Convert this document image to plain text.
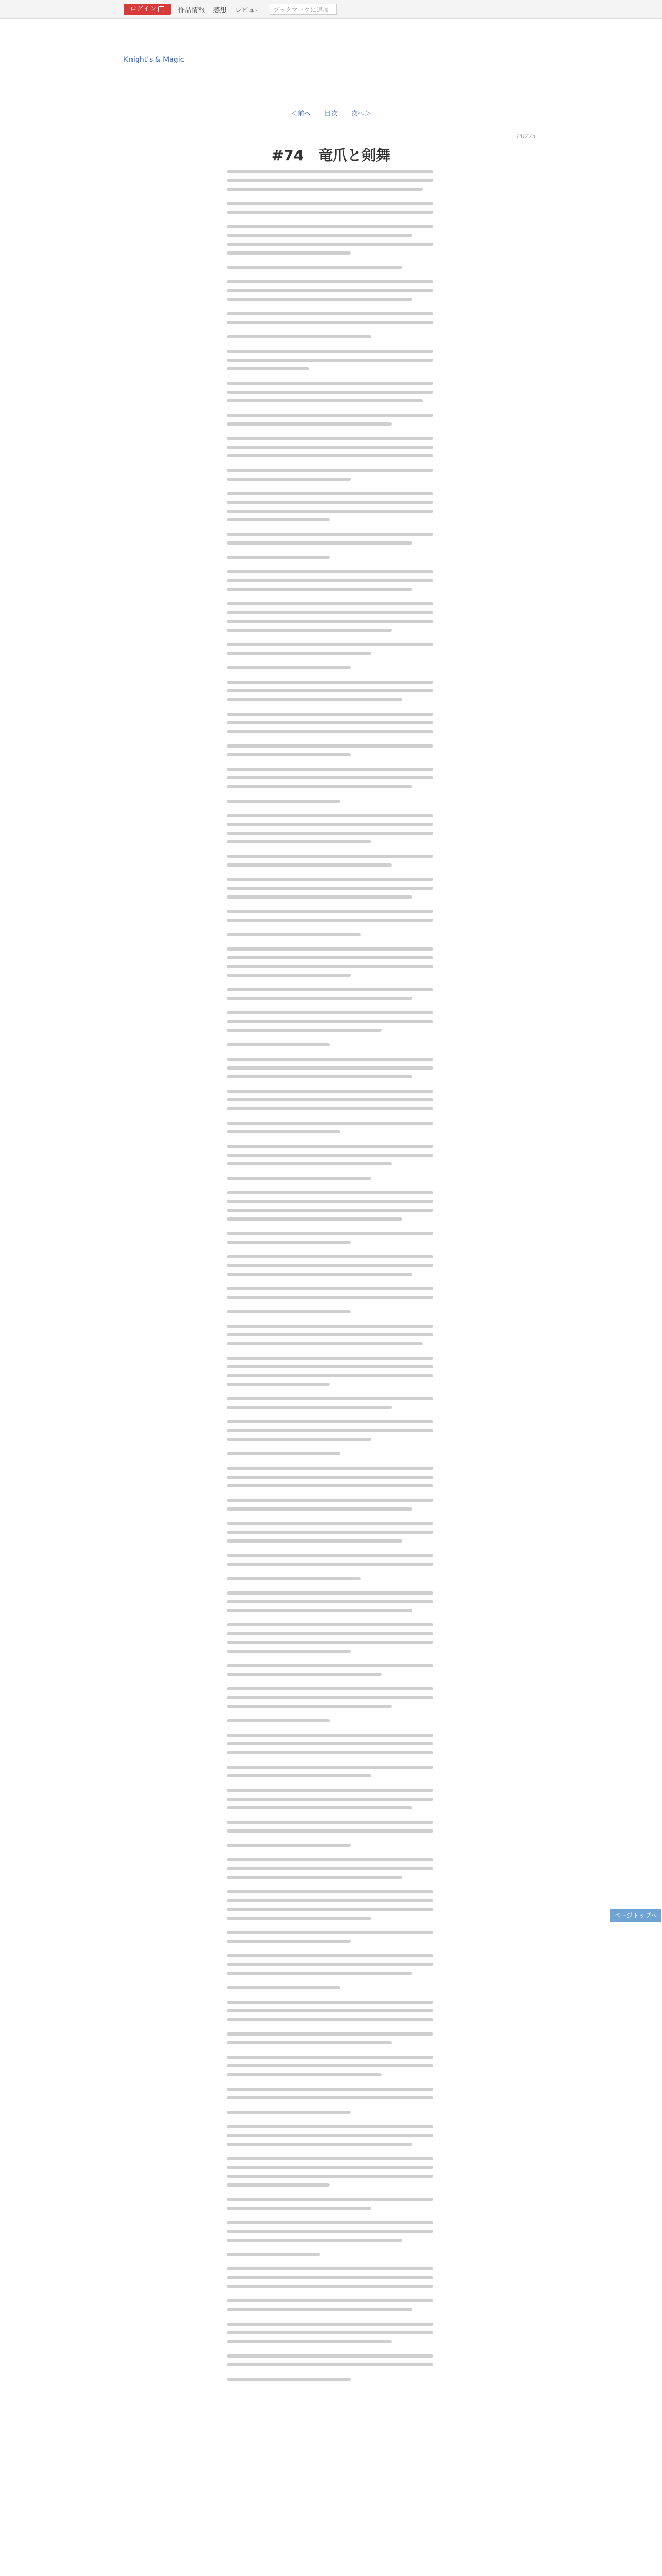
ログイン	作品情報 感想 レビュー	ブックマークに追加
Knight's & Magic
＜前へ 目次 次へ＞
74/225
#74　竜爪と剣舞
ページトップへ
